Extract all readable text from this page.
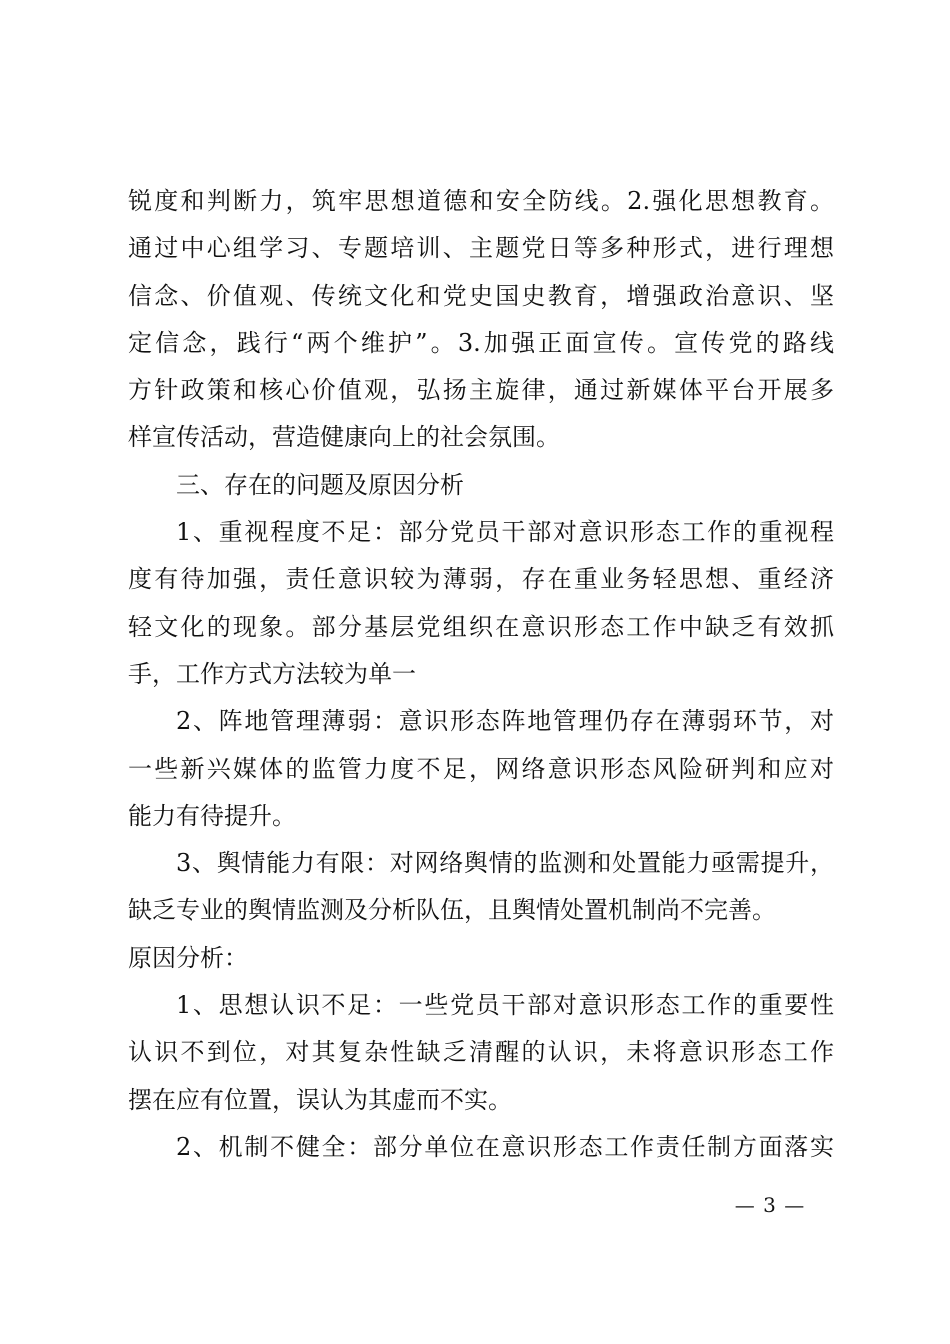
锐度和判断力，筑牢思想道德和安全防线。2.强化思想教育。
通过中心组学习、专题培训、主题党日等多种形式，进行理想
信念、价值观、传统文化和党史国史教育，增强政治意识、坚
定信念，践行“两个维护”。3.加强正面宣传。宣传党的路线
方针政策和核心价值观，弘扬主旋律，通过新媒体平台开展多
样宣传活动，营造健康向上的社会氛围。
三、存在的问题及原因分析
1、重视程度不足：部分党员干部对意识形态工作的重视程
度有待加强，责任意识较为薄弱，存在重业务轻思想、重经济
轻文化的现象。部分基层党组织在意识形态工作中缺乏有效抓
手，工作方式方法较为单一
2、阵地管理薄弱：意识形态阵地管理仍存在薄弱环节，对
一些新兴媒体的监管力度不足，网络意识形态风险研判和应对
能力有待提升。
3、舆情能力有限：对网络舆情的监测和处置能力亟需提升，
缺乏专业的舆情监测及分析队伍，且舆情处置机制尚不完善。
原因分析：
1、思想认识不足：一些党员干部对意识形态工作的重要性
认识不到位，对其复杂性缺乏清醒的认识，未将意识形态工作
摆在应有位置，误认为其虚而不实。
2、机制不健全：部分单位在意识形态工作责任制方面落实
— 3 —
